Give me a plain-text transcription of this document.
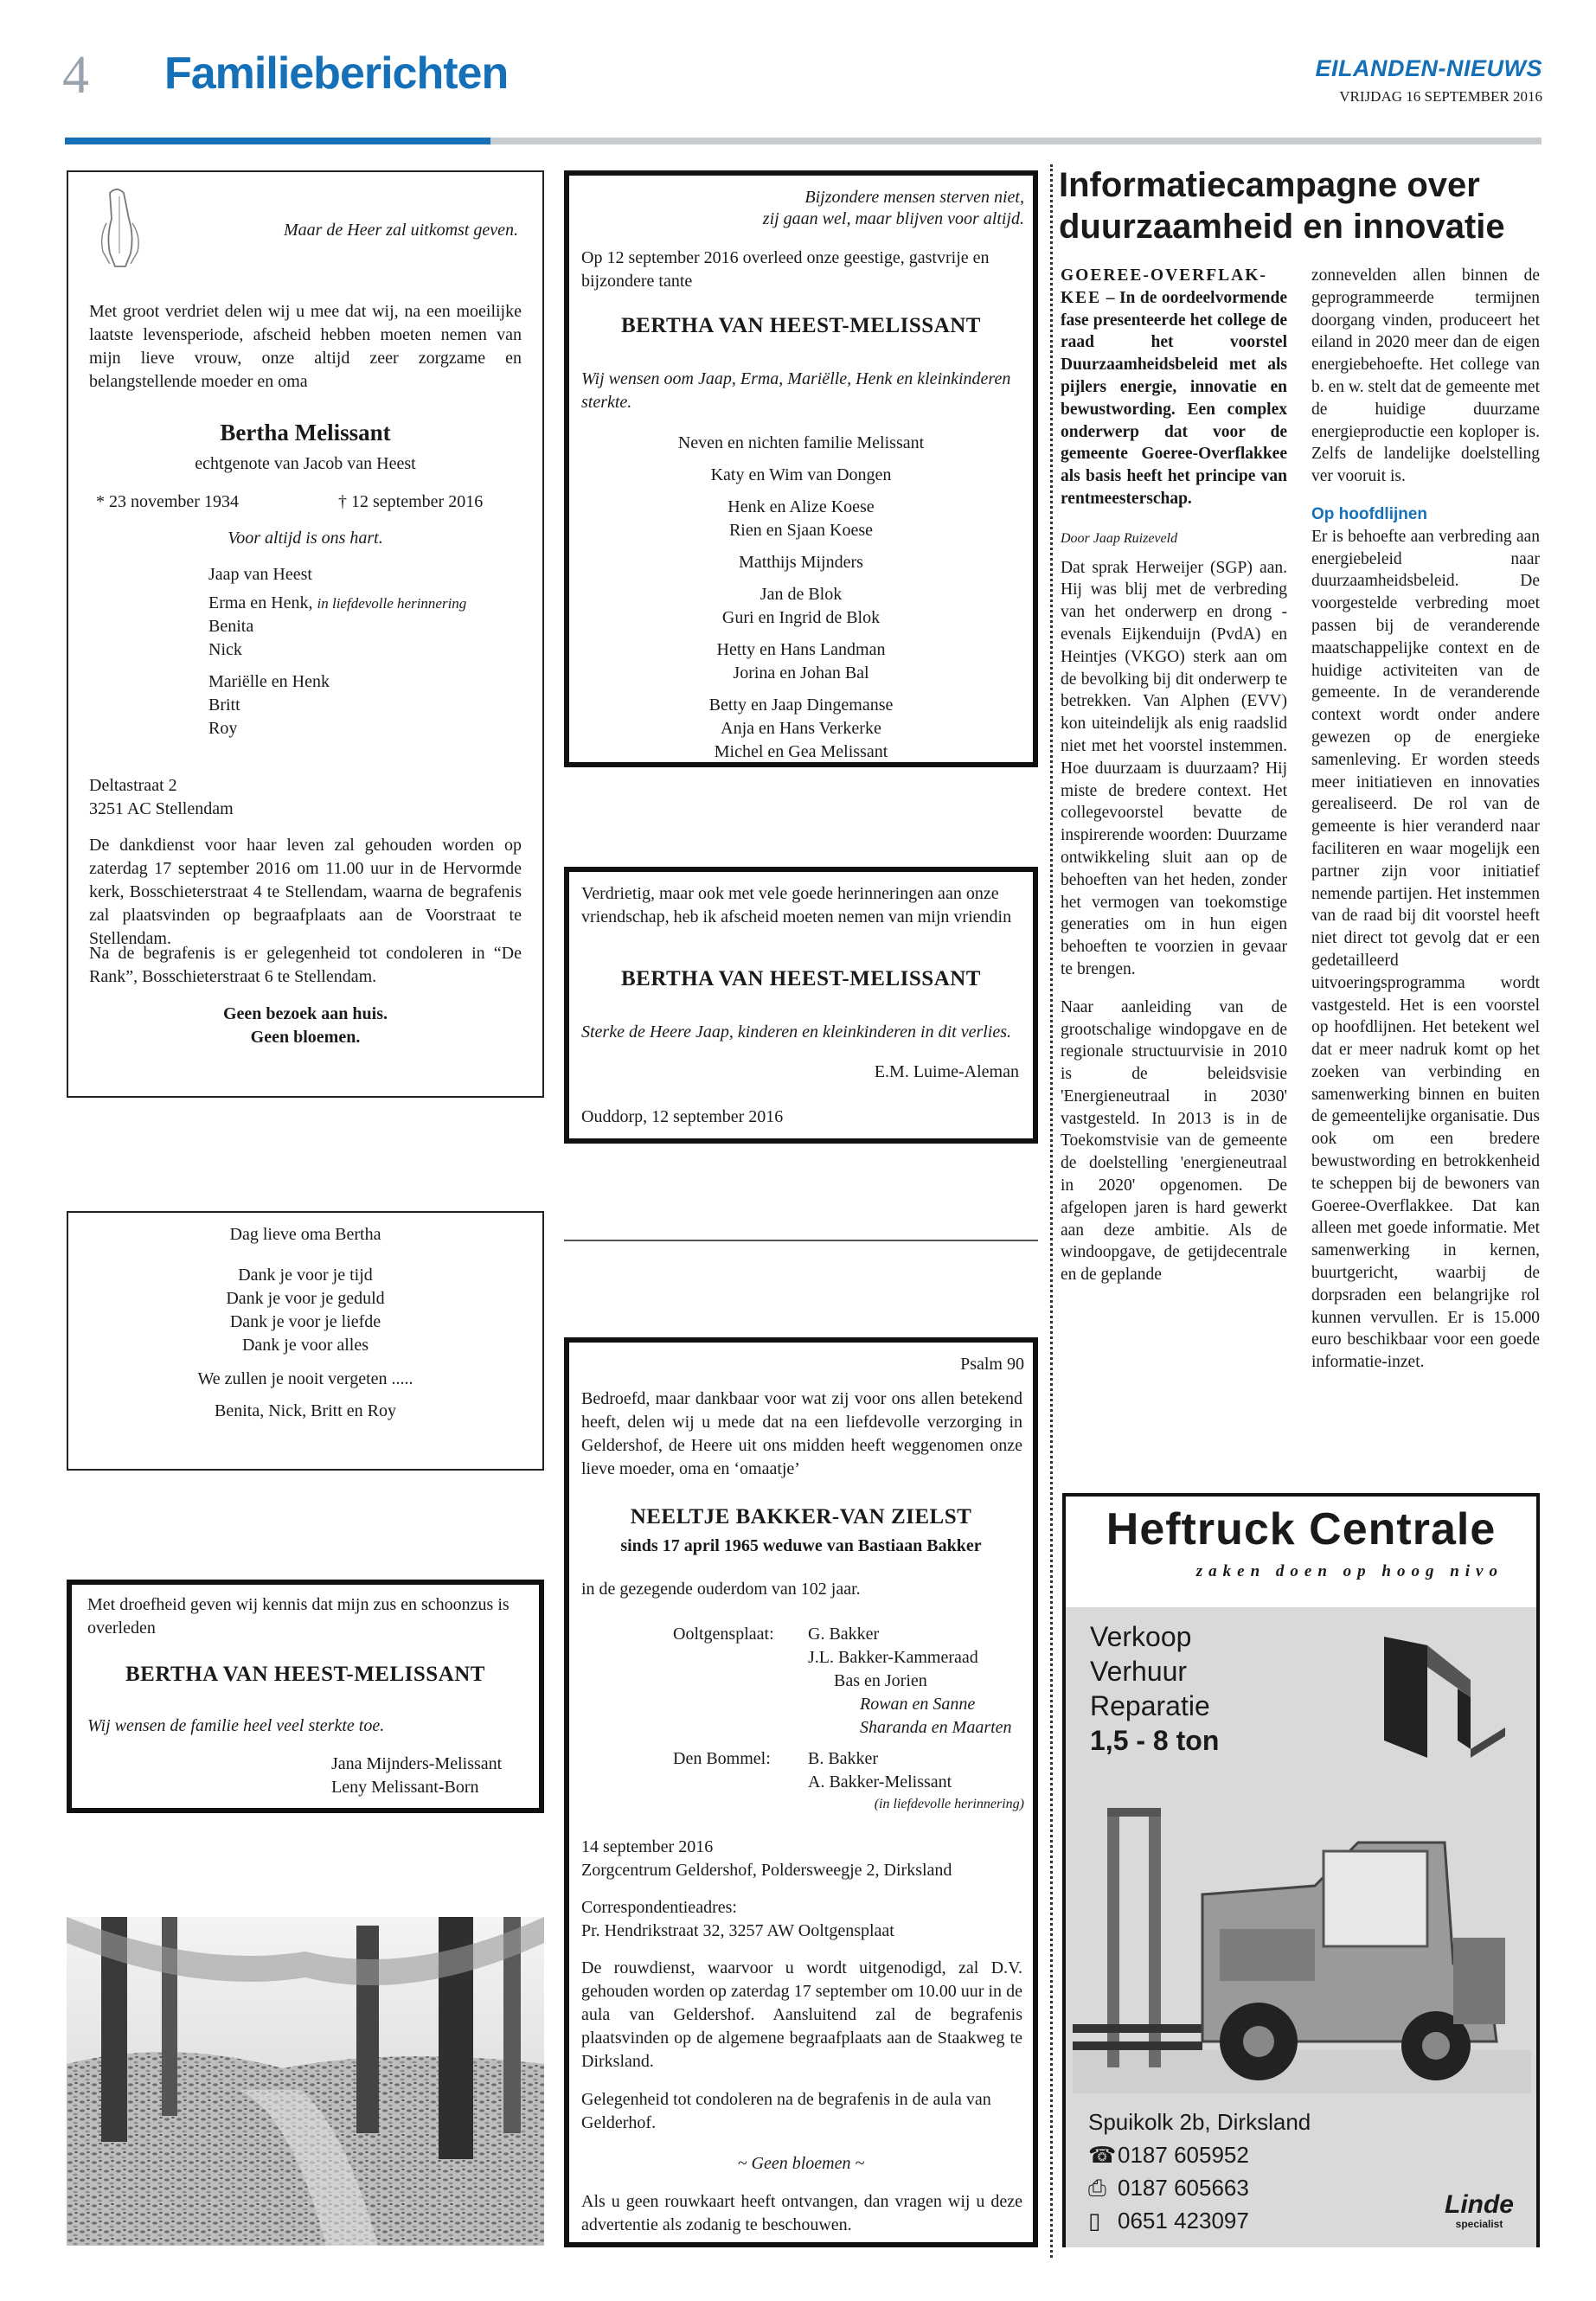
4 Familieberichten	EILANDEN-NIEUWS
VRIJDAG 16 SEPTEMBER 2016

Maar de Heer zal uitkomst geven.

Met groot verdriet delen wij u mee dat wij, na een moeilijke laatste levensperiode, afscheid hebben moeten nemen van mijn lieve vrouw, onze altijd zeer zorgzame en belangstellende moeder en oma

Bertha Melissant

echtgenote van Jacob van Heest

* 23 november 1934	† 12 september 2016

Voor altijd is ons hart.

Jaap van Heest

Erma en Henk, in liefdevolle herinnering

Benita

Nick

Mariëlle en Henk

Britt

Roy

Deltastraat 2

3251 AC Stellendam

De dankdienst voor haar leven zal gehouden worden op zaterdag 17 september 2016 om 11.00 uur in de Hervormde kerk, Bosschieterstraat 4 te Stellendam, waarna de begrafenis zal plaatsvinden op begraafplaats aan de Voorstraat te Stellendam.

Na de begrafenis is er gelegenheid tot condoleren in “De Rank”, Bosschieterstraat 6 te Stellendam.

Geen bezoek aan huis.

Geen bloemen.

Dag lieve oma Bertha

Dank je voor je tijd

Dank je voor je geduld

Dank je voor je liefde

Dank je voor alles

We zullen je nooit vergeten .....

Benita, Nick, Britt en Roy

Met droefheid geven wij kennis dat mijn zus en schoonzus is overleden

BERTHA VAN HEEST-MELISSANT

Wij wensen de familie heel veel sterkte toe.

Jana Mijnders-Melissant

Leny Melissant-Born

Bijzondere mensen sterven niet,

zij gaan wel, maar blijven voor altijd.

Op 12 september 2016 overleed onze geestige, gastvrije en bijzondere tante

BERTHA VAN HEEST-MELISSANT

Wij wensen oom Jaap, Erma, Mariëlle, Henk en kleinkinderen sterkte.

Neven en nichten familie Melissant

Katy en Wim van Dongen

Henk en Alize Koese

Rien en Sjaan Koese

Matthijs Mijnders

Jan de Blok

Guri en Ingrid de Blok

Hetty en Hans Landman

Jorina en Johan Bal

Betty en Jaap Dingemanse

Anja en Hans Verkerke

Michel en Gea Melissant

Verdrietig, maar ook met vele goede herinneringen aan onze vriendschap, heb ik afscheid moeten nemen van mijn vriendin

BERTHA VAN HEEST-MELISSANT

Sterke de Heere Jaap, kinderen en kleinkinderen in dit verlies.

E.M. Luime-Aleman

Ouddorp, 12 september 2016

Psalm 90

Bedroefd, maar dankbaar voor wat zij voor ons allen betekend heeft, delen wij u mede dat na een liefdevolle verzorging in Geldershof, de Heere uit ons midden heeft weggenomen onze lieve moeder, oma en ‘omaatje’

NEELTJE BAKKER-VAN ZIELST

sinds 17 april 1965 weduwe van Bastiaan Bakker

in de gezegende ouderdom van 102 jaar.

Ooltgensplaat: G. Bakker

J.L. Bakker-Kammeraad

Bas en Jorien

Rowan en Sanne

Sharanda en Maarten

Den Bommel: B. Bakker

A. Bakker-Melissant

(in liefdevolle herinnering)

14 september 2016

Zorgcentrum Geldershof, Poldersweegje 2, Dirksland

Correspondentieadres:

Pr. Hendrikstraat 32, 3257 AW Ooltgensplaat

De rouwdienst, waarvoor u wordt uitgenodigd, zal D.V. gehouden worden op zaterdag 17 september om 10.00 uur in de aula van Geldershof. Aansluitend zal de begrafenis plaatsvinden op de algemene begraafplaats aan de Staakweg te Dirksland.

Gelegenheid tot condoleren na de begrafenis in de aula van Gelderhof.

~ Geen bloemen ~

Als u geen rouwkaart heeft ontvangen, dan vragen wij u deze advertentie als zodanig te beschouwen.

Informatiecampagne over duurzaamheid en innovatie

GOEREE-OVERFLAK-KEE – In de oordeelvormende fase presenteerde het college de raad het voorstel Duurzaamheidsbeleid met als pijlers energie, innovatie en bewustwording. Een complex onderwerp dat voor de gemeente Goeree-Overflakkee als basis heeft het principe van rentmeesterschap.

Door Jaap Ruizeveld

Dat sprak Herweijer (SGP) aan. Hij was blij met de verbreding van het onderwerp en drong - evenals Eijkenduijn (PvdA) en Heintjes (VKGO) sterk aan om de bevolking bij dit onderwerp te betrekken. Van Alphen (EVV) kon uiteindelijk als enig raadslid niet met het voorstel instemmen. Hoe duurzaam is duurzaam? Hij miste de bredere context. Het collegevoorstel bevatte de inspirerende woorden: Duurzame ontwikkeling sluit aan op de behoeften van het heden, zonder het vermogen van toekomstige generaties om in hun eigen behoeften te voorzien in gevaar te brengen.

Naar aanleiding van de grootschalige windopgave en de regionale structuurvisie in 2010 is de beleidsvisie 'Energieneutraal in 2030' vastgesteld. In 2013 is in de Toekomstvisie van de gemeente de doelstelling 'energieneutraal in 2020' opgenomen. De afgelopen jaren is hard gewerkt aan deze ambitie. Als de windoopgave, de getijdecentrale en de geplande

zonnevelden allen binnen de geprogrammeerde termijnen doorgang vinden, produceert het eiland in 2020 meer dan de eigen energiebehoefte. Het college van b. en w. stelt dat de gemeente met de huidige duurzame energieproductie een koploper is. Zelfs de landelijke doelstelling ver vooruit is.

Op hoofdlijnen

Er is behoefte aan verbreding aan energiebeleid naar duurzaamheidsbeleid. De voorgestelde verbreding moet passen bij de veranderende maatschappelijke context en de huidige activiteiten van de gemeente. In de veranderende context wordt onder andere gewezen op de energieke samenleving. Er worden steeds meer initiatieven en innovaties gerealiseerd. De rol van de gemeente is hier veranderd naar faciliteren en waar mogelijk een partner zijn voor initiatief nemende partijen. Het instemmen van de raad bij dit voorstel heeft niet direct tot gevolg dat er een gedetailleerd uitvoeringsprogramma wordt vastgesteld. Het is een voorstel op hoofdlijnen. Het betekent wel dat er meer nadruk komt op het zoeken van verbinding en samenwerking binnen en buiten de gemeentelijke organisatie. Dus ook om een bredere bewustwording en betrokkenheid te scheppen bij de bewoners van Goeree-Overflakkee. Dat kan alleen met goede informatie. Met samenwerking in kernen, buurtgericht, waarbij de dorpsraden een belangrijke rol kunnen vervullen. Er is 15.000 euro beschikbaar voor een goede informatie-inzet.

Heftruck Centrale
zaken doen op hoog nivo
Verkoop
Verhuur
Reparatie
1,5 - 8 ton
Spuikolk 2b, Dirksland
☎0187 605952
⎙ 0187 605663
▯ 0651 423097
Linde
specialist
